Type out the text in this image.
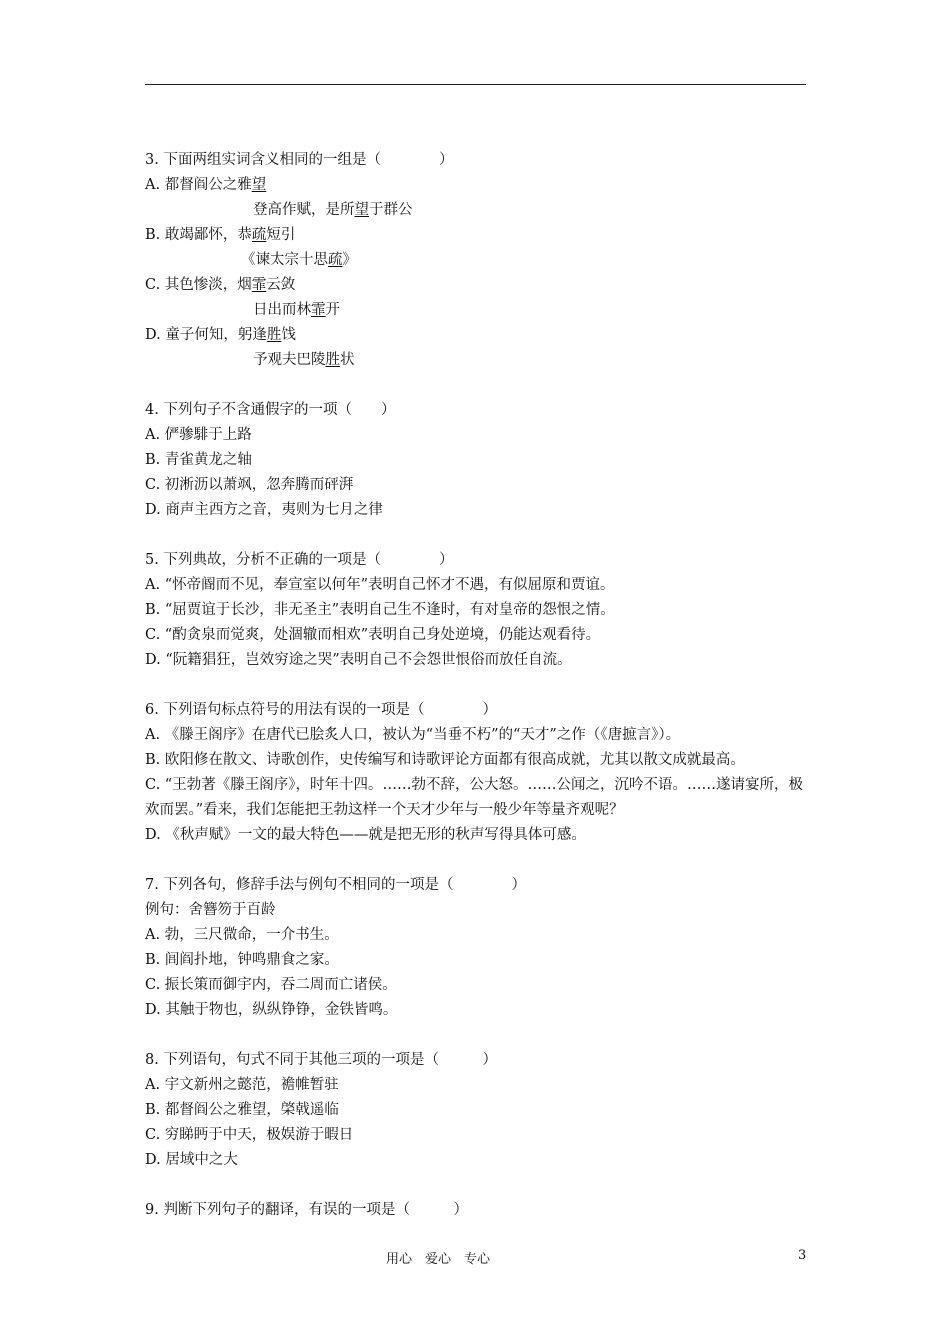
3. 下面两组实词含义相同的一组是（　　　　）
A. 都督阎公之雅望
登高作赋，是所望于群公
B. 敢竭鄙怀，恭疏短引
《谏太宗十思疏》
C. 其色惨淡，烟霏云敛
日出而林霏开
D. 童子何知，躬逢胜饯
予观夫巴陵胜状
4. 下列句子不含通假字的一项（　　）
A. 俨骖騑于上路
B. 青雀黄龙之轴
C. 初淅沥以萧飒，忽奔腾而砰湃
D. 商声主西方之音，夷则为七月之律
5. 下列典故，分析不正确的一项是（　　　　）
A. “怀帝阍而不见，奉宣室以何年”表明自己怀才不遇，有似屈原和贾谊。
B. “屈贾谊于长沙，非无圣主”表明自己生不逢时，有对皇帝的怨恨之情。
C. “酌贪泉而觉爽，处涸辙而相欢”表明自己身处逆境，仍能达观看待。
D. “阮籍猖狂，岂效穷途之哭”表明自己不会怨世恨俗而放任自流。
6. 下列语句标点符号的用法有误的一项是（　　　　）
A. 《滕王阁序》在唐代已脍炙人口，被认为“当垂不朽”的“天才”之作（《唐摭言》）。
B. 欧阳修在散文、诗歌创作，史传编写和诗歌评论方面都有很高成就，尤其以散文成就最高。
C. “王勃著《滕王阁序》，时年十四。……勃不辞，公大怒。……公闻之，沉吟不语。……遂请宴所，极欢而罢。”看来，我们怎能把王勃这样一个天才少年与一般少年等量齐观呢？
D. 《秋声赋》一文的最大特色——就是把无形的秋声写得具体可感。
7. 下列各句，修辞手法与例句不相同的一项是（　　　　）
例句：舍簪笏于百龄
A. 勃，三尺微命，一介书生。
B. 闾阎扑地，钟鸣鼎食之家。
C. 振长策而御宇内，吞二周而亡诸侯。
D. 其触于物也，纵纵铮铮，金铁皆鸣。
8. 下列语句，句式不同于其他三项的一项是（　　　）
A. 宇文新州之懿范，襜帷暂驻
B. 都督阎公之雅望，棨戟遥临
C. 穷睇眄于中天，极娱游于暇日
D. 居域中之大
9. 判断下列句子的翻译，有误的一项是（　　　）
用心　爱心　专心	3
